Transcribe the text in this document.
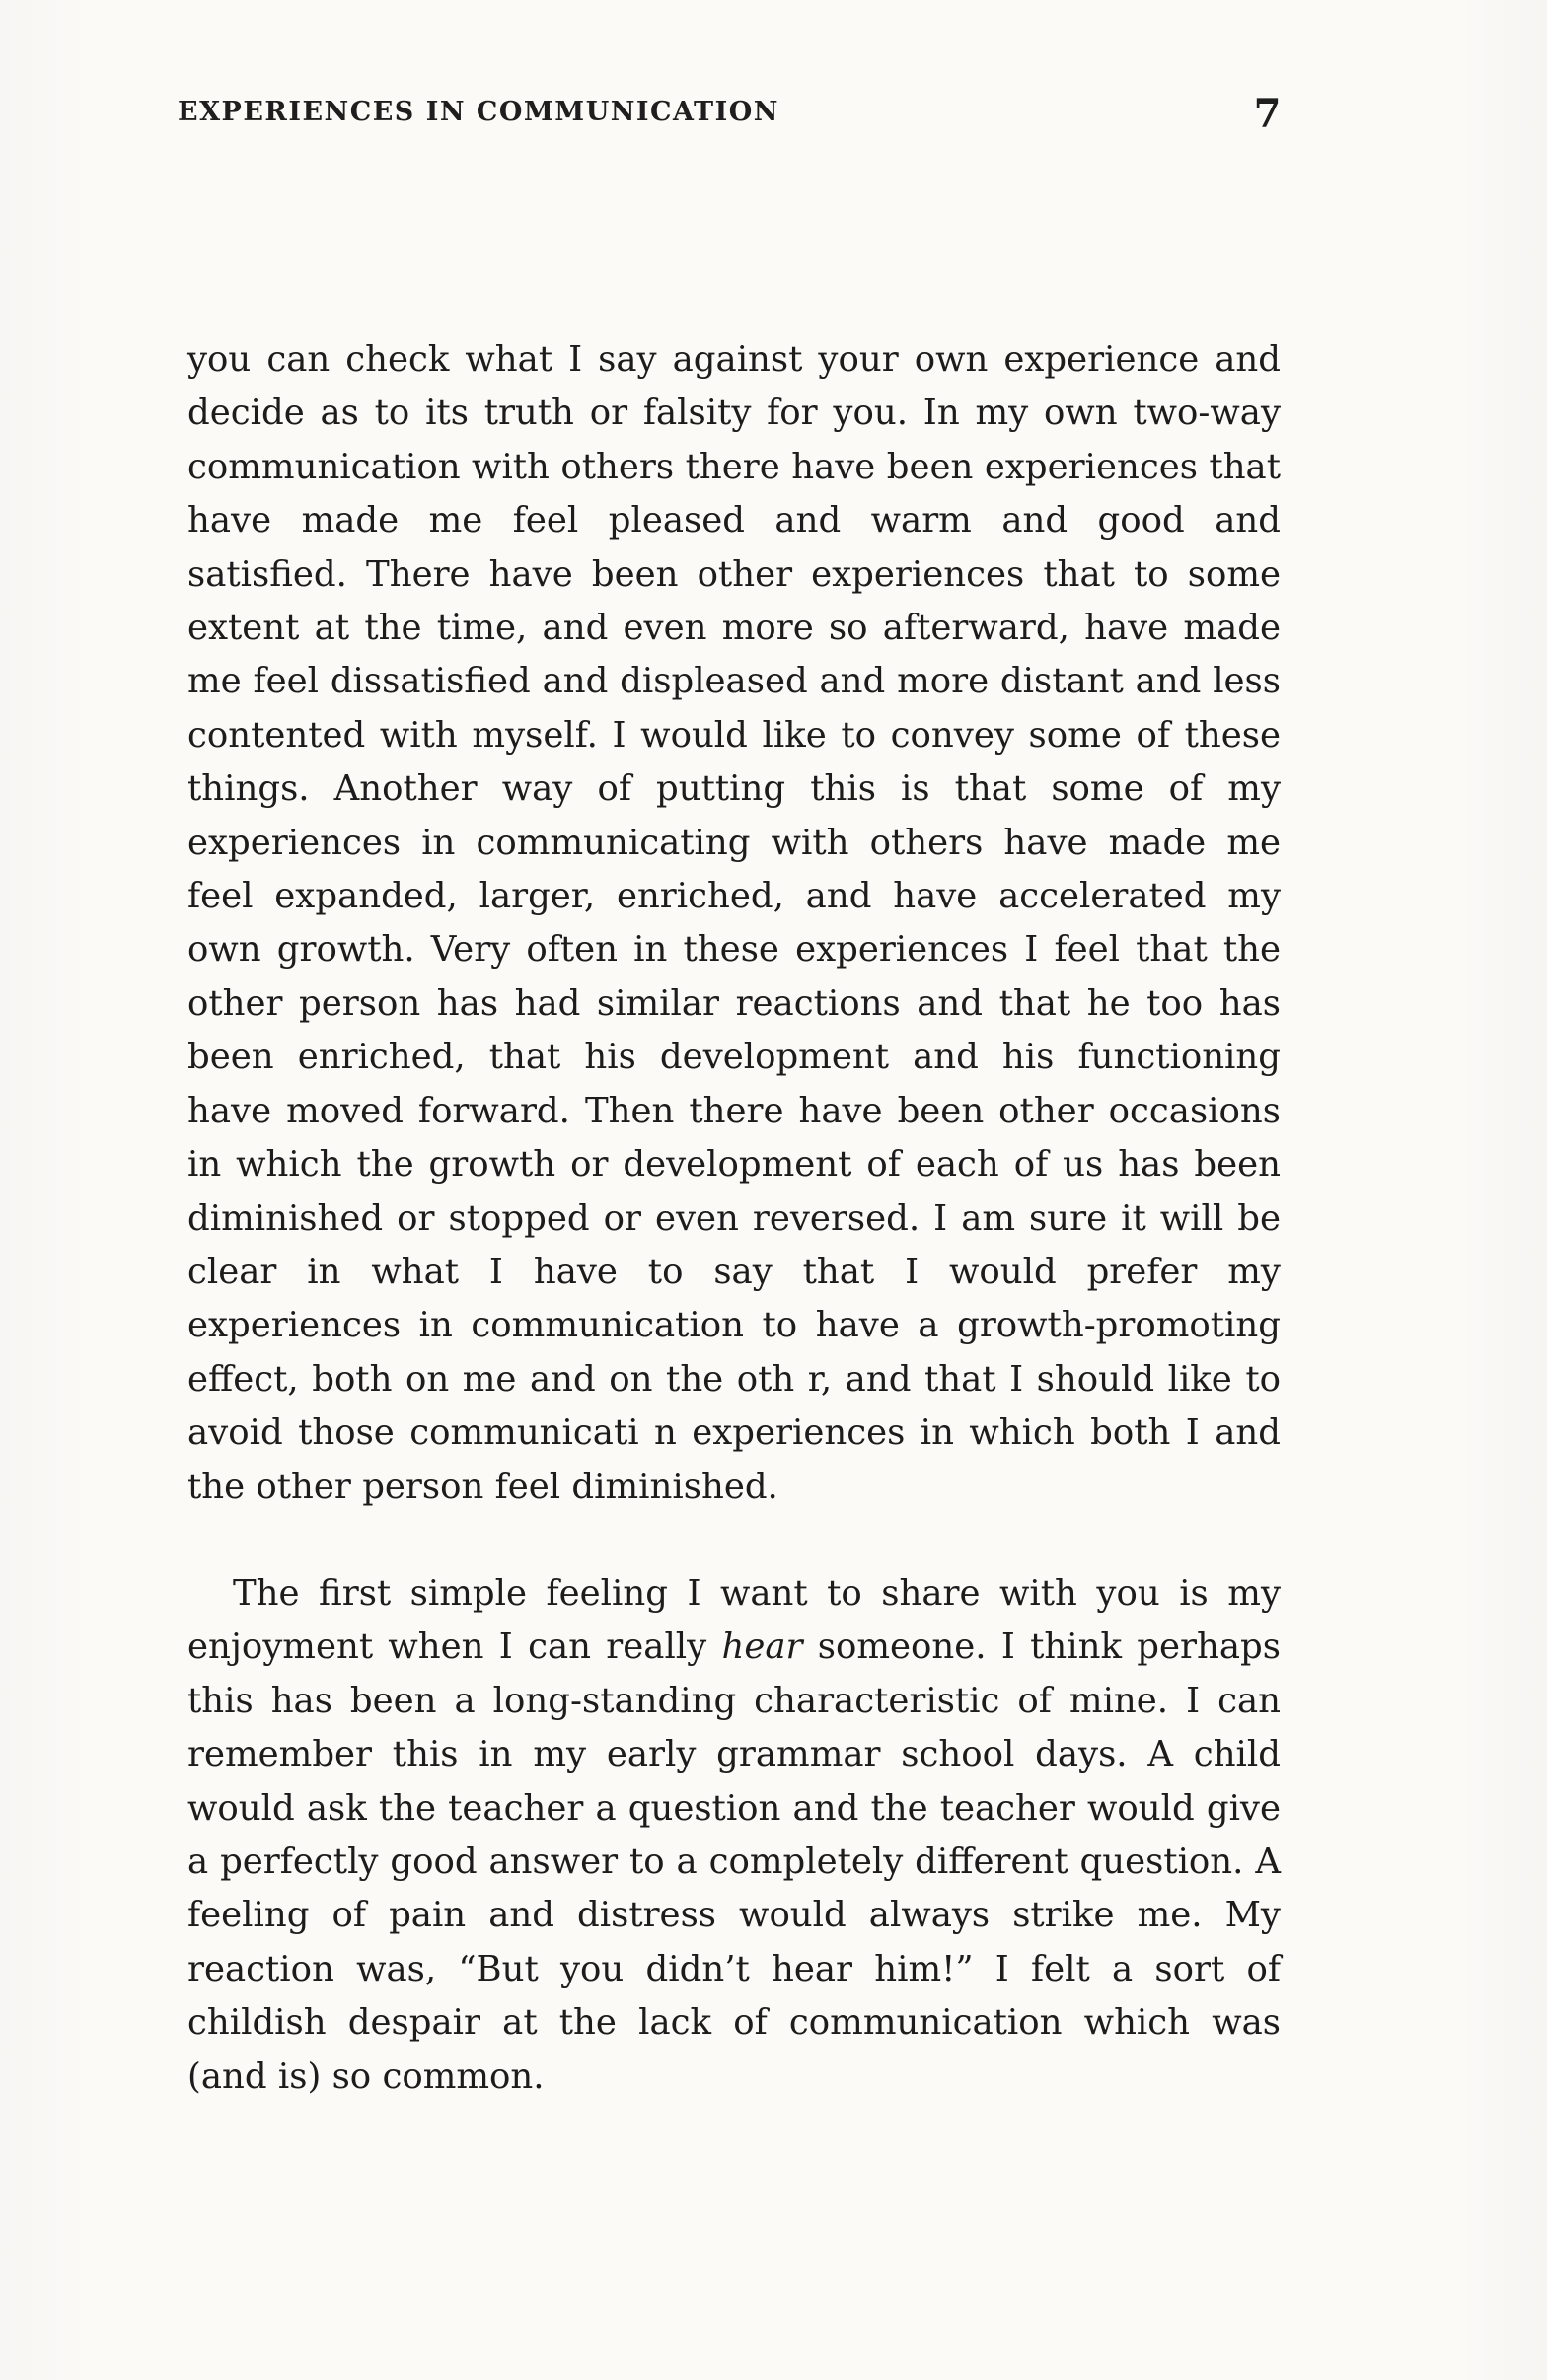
EXPERIENCES IN COMMUNICATION	7

you can check what I say against your own experience and decide as to its truth or falsity for you. In my own two-way communication with others there have been experiences that have made me feel pleased and warm and good and satisfied. There have been other experiences that to some extent at the time, and even more so afterward, have made me feel dissatisfied and displeased and more distant and less contented with myself. I would like to convey some of these things. Another way of putting this is that some of my experiences in communicating with others have made me feel expanded, larger, enriched, and have accelerated my own growth. Very often in these experiences I feel that the other person has had similar reactions and that he too has been enriched, that his development and his functioning have moved forward. Then there have been other occasions in which the growth or development of each of us has been diminished or stopped or even reversed. I am sure it will be clear in what I have to say that I would prefer my experiences in communication to have a growth-promoting effect, both on me and on the oth r, and that I should like to avoid those communicati n experiences in which both I and the other person feel diminished.

The first simple feeling I want to share with you is my enjoyment when I can really hear someone. I think perhaps this has been a long-standing characteristic of mine. I can remember this in my early grammar school days. A child would ask the teacher a question and the teacher would give a perfectly good answer to a completely different question. A feeling of pain and distress would always strike me. My reaction was, “But you didn’t hear him!” I felt a sort of childish despair at the lack of communication which was (and is) so common.
